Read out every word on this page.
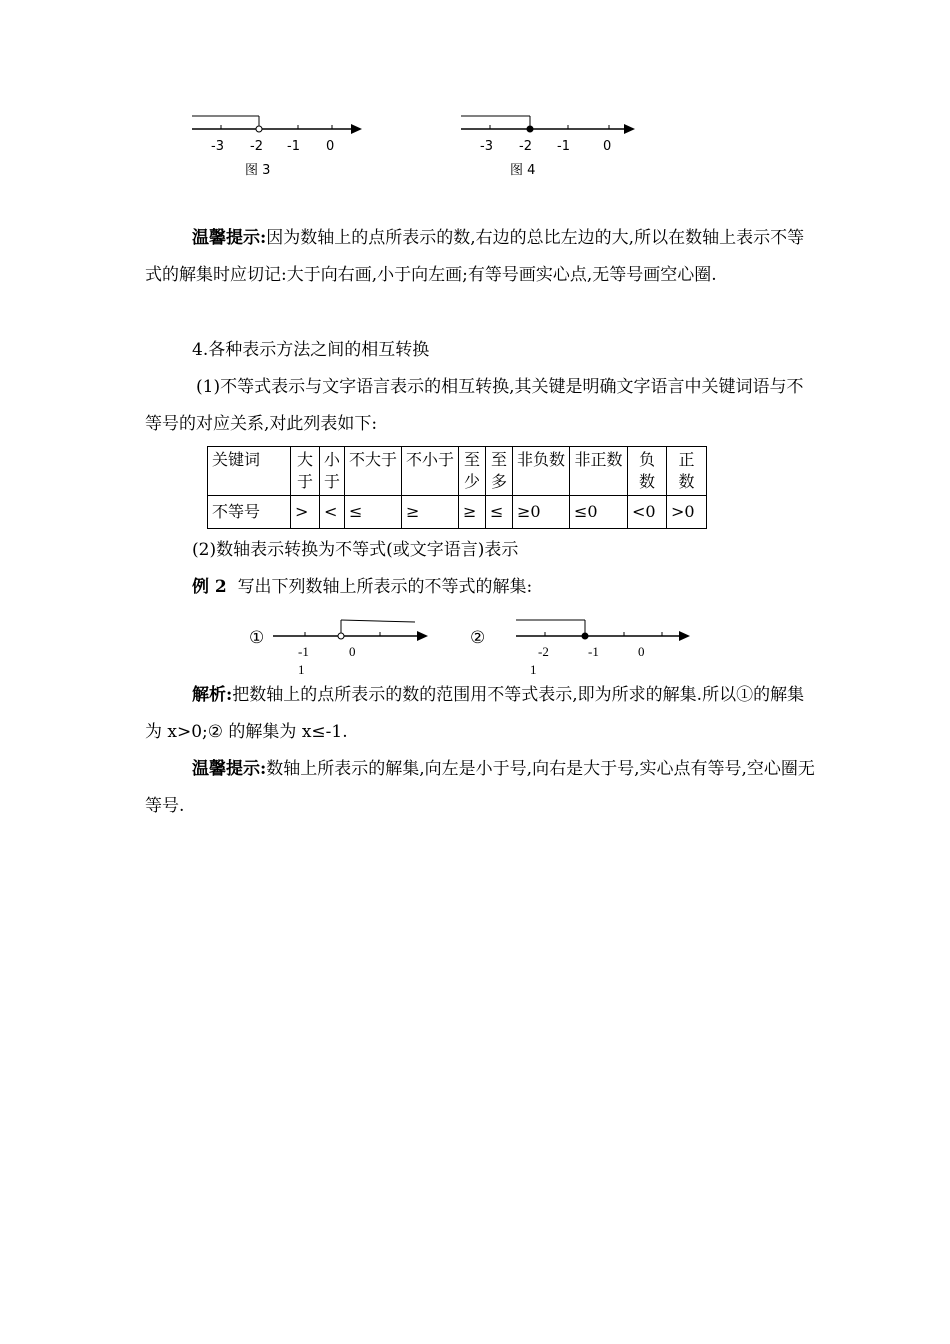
-3 -2 -1 0
图 3
-3 -2 -1	0
图 4

温馨提示:因为数轴上的点所表示的数,右边的总比左边的大,所以在数轴上表示不等式的解集时应切记:大于向右画,小于向左画;有等号画实心点,无等号画空心圈.

4.各种表示方法之间的相互转换

(1)不等式表示与文字语言表示的相互转换,其关键是明确文字语言中关键词语与不等号的对应关系,对此列表如下:

关键词	大于	小于	不大于	不小于	至少	至多	非负数	非正数	负数	正数
不等号	>	<	≤	≥	≥	≤	≥0	≤0	<0	>0

(2)数轴表示转换为不等式(或文字语言)表示

例 2 写出下列数轴上所表示的不等式的解集:

①
-1
1
0
②
-2
1
-1	0

解析:把数轴上的点所表示的数的范围用不等式表示,即为所求的解集.所以①的解集为 x>0;② 的解集为 x≤-1.

温馨提示:数轴上所表示的解集,向左是小于号,向右是大于号,实心点有等号,空心圈无等号.
